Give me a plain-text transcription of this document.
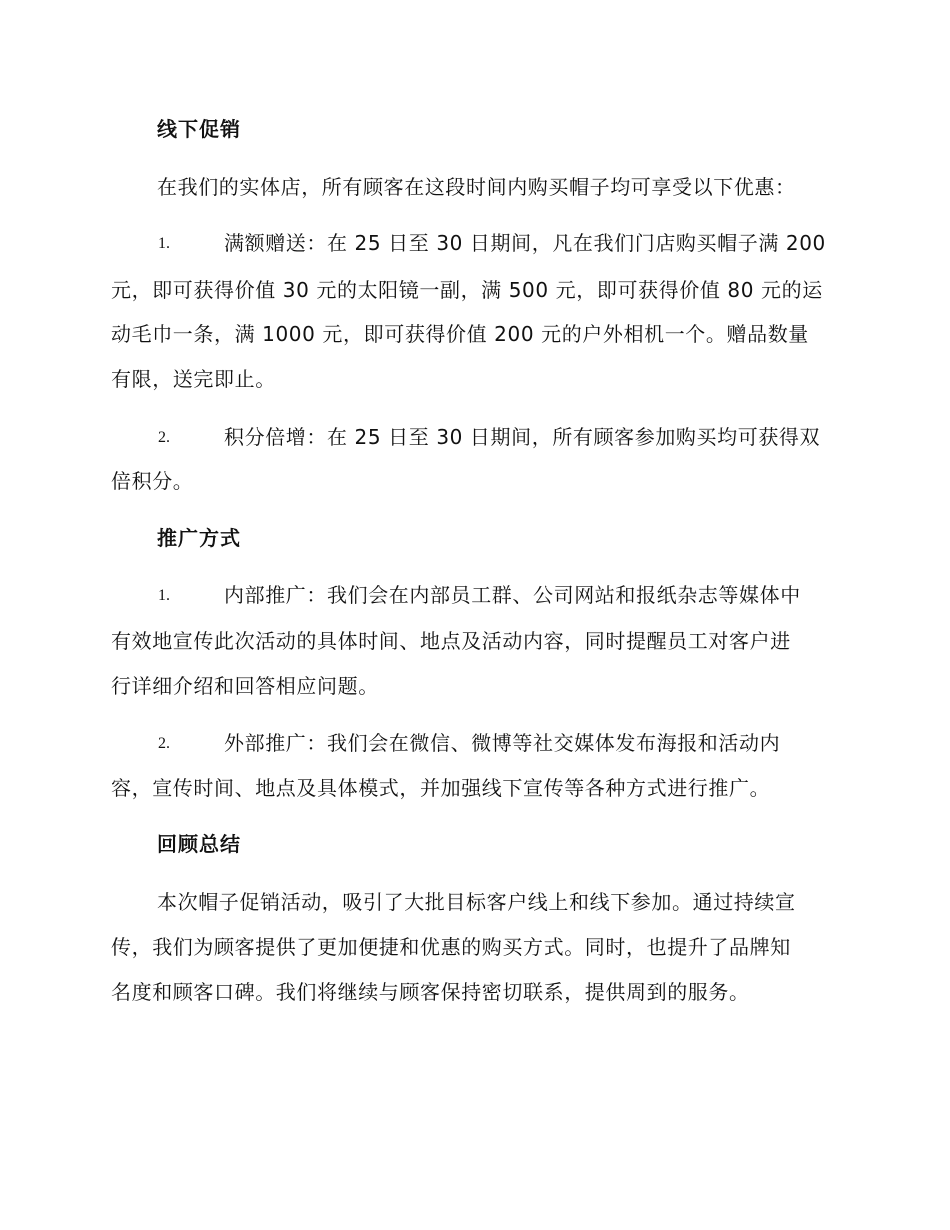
线下促销
在我们的实体店，所有顾客在这段时间内购买帽子均可享受以下优惠：
1.	满额赠送：在 25 日至 30 日期间，凡在我们门店购买帽子满 200
元，即可获得价值 30 元的太阳镜一副，满 500 元，即可获得价值 80 元的运
动毛巾一条，满 1000 元，即可获得价值 200 元的户外相机一个。赠品数量
有限，送完即止。
2.	积分倍增：在 25 日至 30 日期间，所有顾客参加购买均可获得双
倍积分。
推广方式
1.	内部推广：我们会在内部员工群、公司网站和报纸杂志等媒体中
有效地宣传此次活动的具体时间、地点及活动内容，同时提醒员工对客户进
行详细介绍和回答相应问题。
2.	外部推广：我们会在微信、微博等社交媒体发布海报和活动内
容，宣传时间、地点及具体模式，并加强线下宣传等各种方式进行推广。
回顾总结
本次帽子促销活动，吸引了大批目标客户线上和线下参加。通过持续宣
传，我们为顾客提供了更加便捷和优惠的购买方式。同时，也提升了品牌知
名度和顾客口碑。我们将继续与顾客保持密切联系，提供周到的服务。
